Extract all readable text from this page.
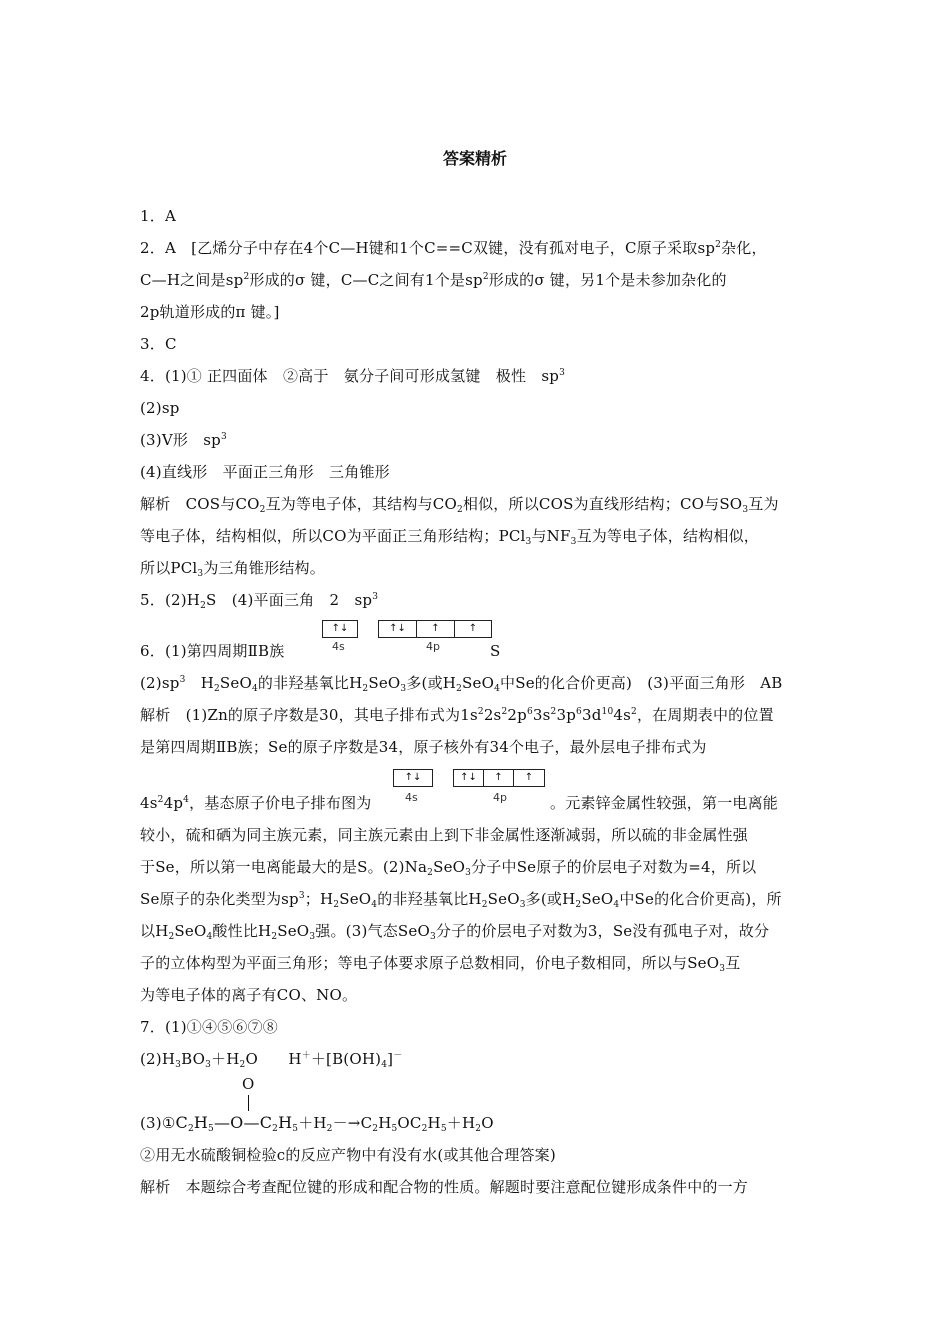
答案精析
1．A
2．A　[乙烯分子中存在4个C—H键和1个C==C双键，没有孤对电子，C原子采取$sp^2$杂化，
C—H之间是$sp^2$形成的σ 键，C—C之间有1个是$sp^2$形成的σ 键，另1个是未参加杂化的
2p轨道形成的π 键。]
3．C
4．(1)① 正四面体　②高于　氨分子间可形成氢键　极性　$sp^3$
(2)sp
(3)V形　$sp^3$
(4)直线形　平面正三角形　三角锥形
解析　COS与$CO_2$互为等电子体，其结构与$CO_2$相似，所以COS为直线形结构；CO与$SO_3$互为
等电子体，结构相似，所以CO为平面正三角形结构；PCl$_3$与$NF_3$互为等电子体，结构相似，
所以PCl$_3$为三角锥形结构。
5．$(2)H_2S$　(4)平面三角　2　$sp^3$
6．(1)第四周期ⅡB族
↑↓
4s
↑↓	↑	↑
4p	S
$(2)sp^3$　$H_2SeO_4$的非羟基氧比$H_2SeO_3$多(或$H_2SeO_4$中Se的化合价更高)　(3)平面三角形　AB
解析　(1)Zn的原子序数是30，其电子排布式为$1s^22s^22p^63s^23p^63d^{10}4s^2$，在周期表中的位置
是第四周期ⅡB族；Se的原子序数是34，原子核外有34个电子，最外层电子排布式为
$4s^24p^4$，基态原子价电子排布图为
↑↓
4s
↑↓	↑	↑
4p	。元素锌金属性较强，第一电离能
较小，硫和硒为同主族元素，同主族元素由上到下非金属性逐渐减弱，所以硫的非金属性强
于Se，所以第一电离能最大的是S。$(2)Na_2SeO_3$分子中Se原子的价层电子对数为=4，所以
Se原子的杂化类型为$sp^3$；$H_2SeO_4$的非羟基氧比$H_2SeO_3$多(或$H_2SeO_4$中Se的化合价更高)，所
以$H_2SeO_4$酸性比$H_2SeO_3$强。(3)气态SeO$_3$分子的价层电子对数为3，Se没有孤电子对，故分
子的立体构型为平面三角形；等电子体要求原子总数相同，价电子数相同，所以与SeO$_3$互
为等电子体的离子有CO、NO。
7．(1)①④⑤⑥⑦⑧
$(2)H_3BO_3+H_2O$　　$H^++[B(OH)_4]^-$
O
$(3)①C_2H_5—O—C_2H_5+H_2-\to C_2H_5OC_2H_5+H_2O$
②用无水硫酸铜检验c的反应产物中有没有水(或其他合理答案)
解析　本题综合考查配位键的形成和配合物的性质。解题时要注意配位键形成条件中的一方
